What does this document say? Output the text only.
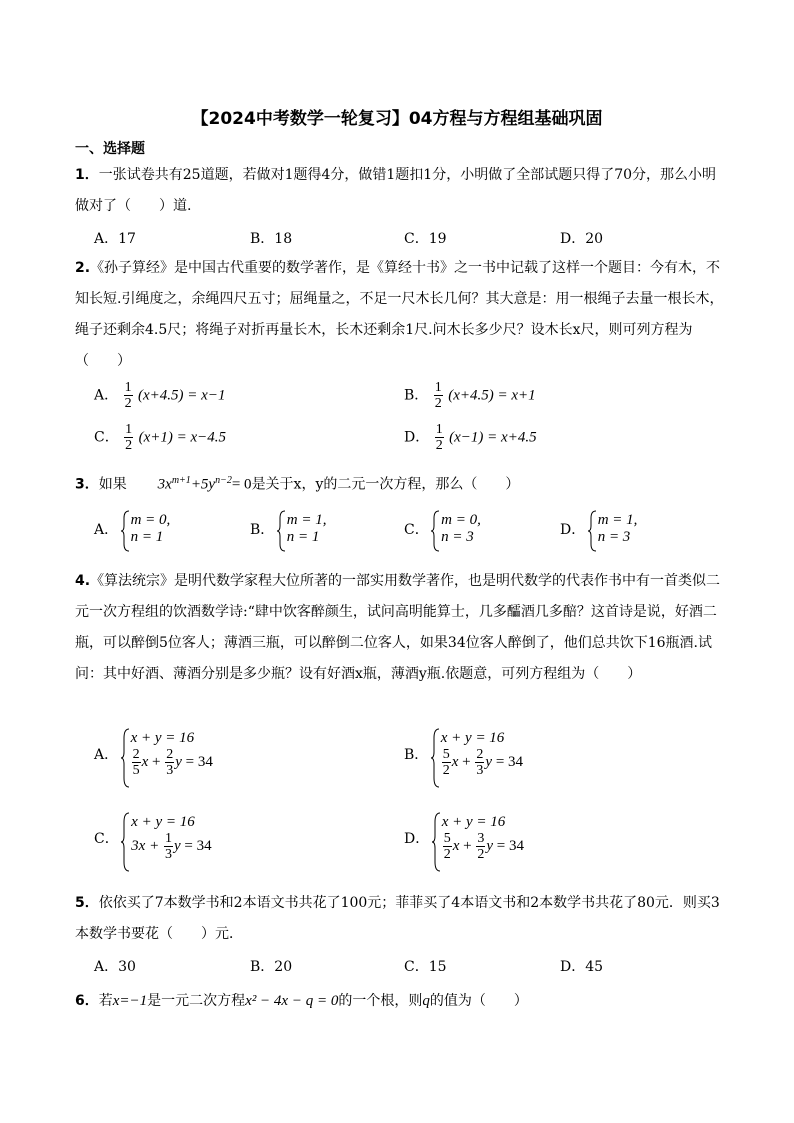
【2024中考数学一轮复习】04方程与方程组基础巩固
一、选择题
1．一张试卷共有25道题，若做对1题得4分，做错1题扣1分，小明做了全部试题只得了70分，那么小明做对了（　　）道.
A．17	B．18	C．19	D．20
2.《孙子算经》是中国古代重要的数学著作，是《算经十书》之一书中记载了这样一个题目：今有木，不知长短.引绳度之，余绳四尺五寸；屈绳量之，不足一尺木长几何？其大意是：用一根绳子去量一根长木，绳子还剩余4.5尺；将绳子对折再量长木，长木还剩余1尺.问木长多少尺？设木长x尺，则可列方程为（　　）
A． $\frac{1}{2} (x+4.5) = x-1$	B． $\frac{1}{2} (x+4.5) = x+1$
C． $\frac{1}{2} (x+1) = x-4.5$	D． $\frac{1}{2} (x-1) = x+4.5$
3．如果 $3x^{m+1}+5y^{n-2}= 0$是关于x，y的二元一次方程，那么（　　）
A．
m = 0,
n = 1	B．
m = 1,
n = 1	C．
m = 0,
n = 3	D．
m = 1,
n = 3
4.《算法统宗》是明代数学家程大位所著的一部实用数学著作，也是明代数学的代表作书中有一首类似二元一次方程组的饮酒数学诗:“肆中饮客醉颜生，试问高明能算士，几多醽酒几多醅？这首诗是说，好酒二瓶，可以醉倒5位客人；薄酒三瓶，可以醉倒二位客人，如果34位客人醉倒了，他们总共饮下16瓶酒.试问：其中好酒、薄酒分别是多少瓶？设有好酒x瓶，薄酒y瓶.依题意，可列方程组为（　　）
A．
x + y = 16
$\frac{2}{5}$ $x + \frac{2}{3}$ y = 34	B．
x + y = 16
$\frac{5}{2}$ $x + \frac{2}{3}$ y = 34
C．
x + y = 16
$3x + \frac{1}{3}$ y = 34	D．
x + y = 16
$\frac{5}{2}$ $x + \frac{3}{2}$ y = 34
5．依依买了7本数学书和2本语文书共花了100元；菲菲买了4本语文书和2本数学书共花了80元．则买3本数学书要花（　　）元．
A．30	B．20	C．15	D．45
6．若x=−1是一元二次方程x² − 4x − q = 0的一个根，则q的值为（　　）
